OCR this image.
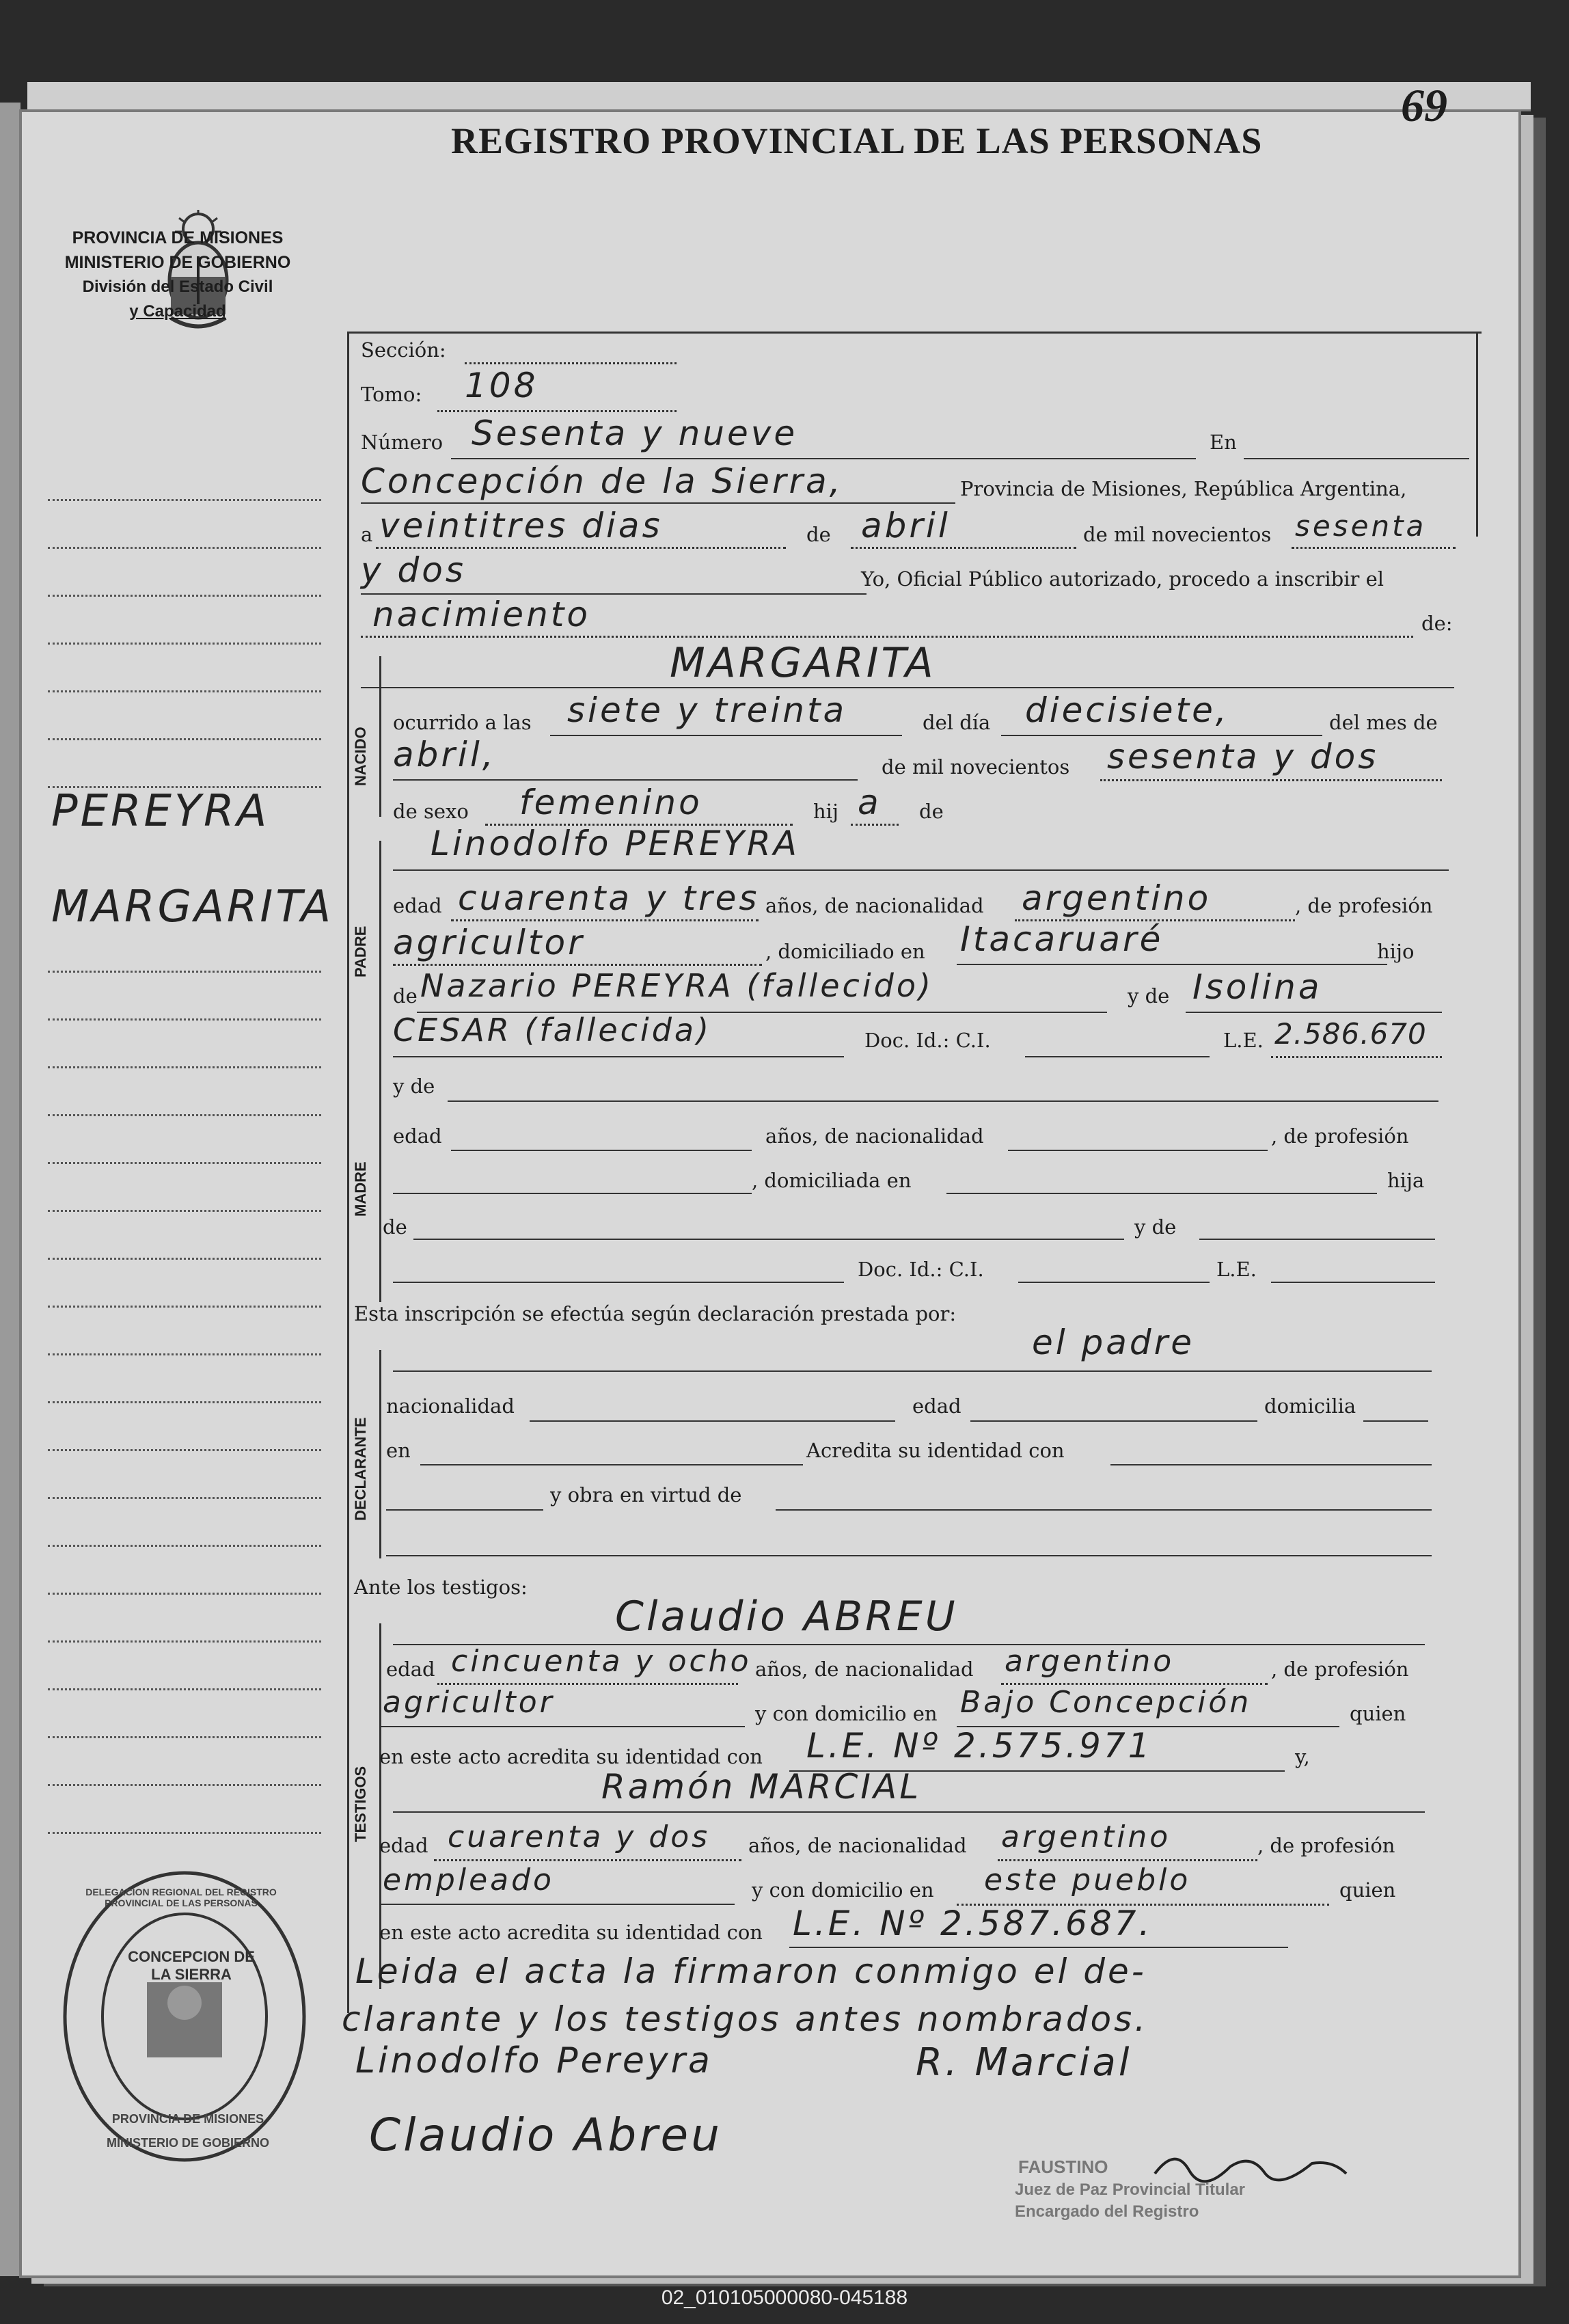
REGISTRO PROVINCIAL DE LAS PERSONAS
69
PROVINCIA DE MISIONES
MINISTERIO DE GOBIERNO
División del Estado Civil
y Capacidad
PEREYRA
MARGARITA
Sección:
Tomo: 108
Número Sesenta y nueve	En
Concepción de la Sierra,	Provincia de Misiones, República Argentina,
a veintitres dias	de abril	de mil novecientos sesenta
y dos	Yo, Oficial Público autorizado, procedo a inscribir el
nacimiento	de:
MARGARITA
NACIDO
ocurrido a las siete y treinta	del día diecisiete,	del mes de
abril,	de mil novecientos sesenta y dos
de sexo femenino	hij a de
Linodolfo PEREYRA
PADRE
edad cuarenta y tres años, de nacionalidad argentino	, de profesión
agricultor	, domiciliado en Itacaruaré	hijo
de Nazario PEREYRA (fallecido)	y de Isolina
CESAR (fallecida)	Doc. Id.: C.I.	L.E. 2.586.670
y de
MADRE
edad	años, de nacionalidad	, de profesión
, domiciliada en	hija
de	y de
Doc. Id.: C.I.	L.E.
Esta inscripción se efectúa según declaración prestada por:
el padre
DECLARANTE
nacionalidad	edad	domicilia
en	Acredita su identidad con
y obra en virtud de
Ante los testigos:
Claudio ABREU
TESTIGOS
edad cincuenta y ocho años, de nacionalidad argentino	, de profesión
agricultor	y con domicilio en Bajo Concepción	quien
en este acto acredita su identidad con L.E. Nº 2.575.971	y,
Ramón MARCIAL
edad cuarenta y dos años, de nacionalidad argentino	, de profesión
empleado	y con domicilio en este pueblo	quien
en este acto acredita su identidad con L.E. Nº 2.587.687.
Leida el acta la firmaron conmigo el de-
clarante y los testigos antes nombrados.
Linodolfo Pereyra	R. Marcial
Claudio Abreu
FAUSTINO
Juez de Paz Provincial Titular
Encargado del Registro
CONCEPCION DE LA SIERRA
DELEGACION REGIONAL DEL REGISTRO PROVINCIAL DE LAS PERSONAS
PROVINCIA DE MISIONES
MINISTERIO DE GOBIERNO
02_010105000080-045188
